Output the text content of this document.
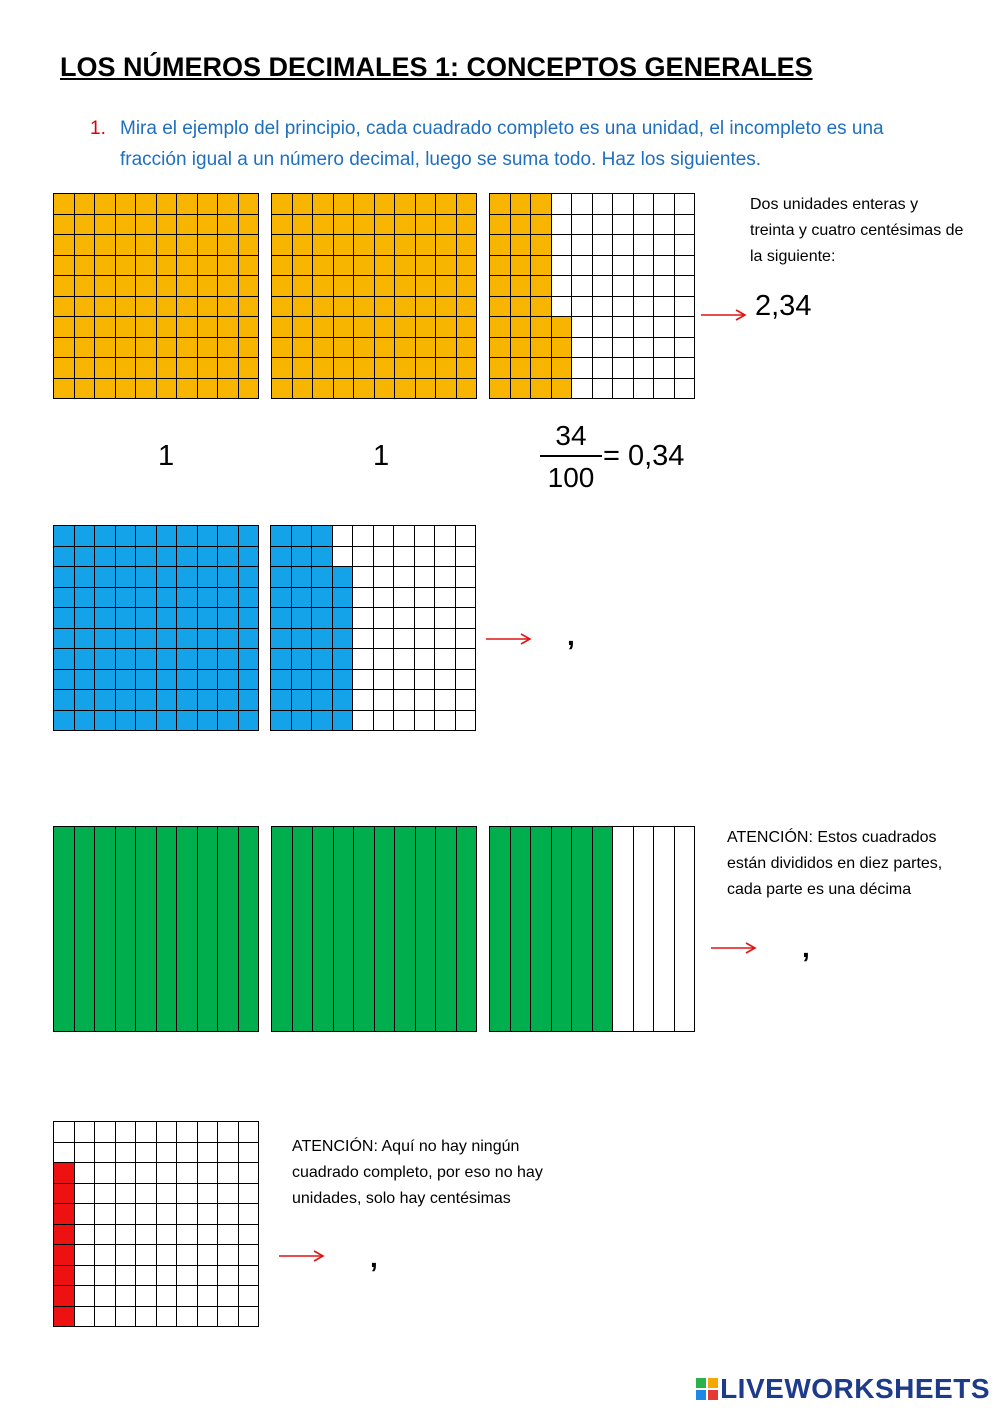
LOS NÚMEROS DECIMALES 1: CONCEPTOS GENERALES
1. Mira el ejemplo del principio, cada cuadrado completo es una unidad, el incompleto es una fracción igual a un número decimal, luego se suma todo. Haz los siguientes.
Dos unidades enteras y treinta y cuatro centésimas de la siguiente:
2,34
1	1
34
100
= 0,34
,
ATENCIÓN: Estos cuadrados están divididos en diez partes, cada parte es una décima
,
ATENCIÓN: Aquí no hay ningún cuadrado completo, por eso no hay unidades, solo hay centésimas
,
LIVEWORKSHEETS
